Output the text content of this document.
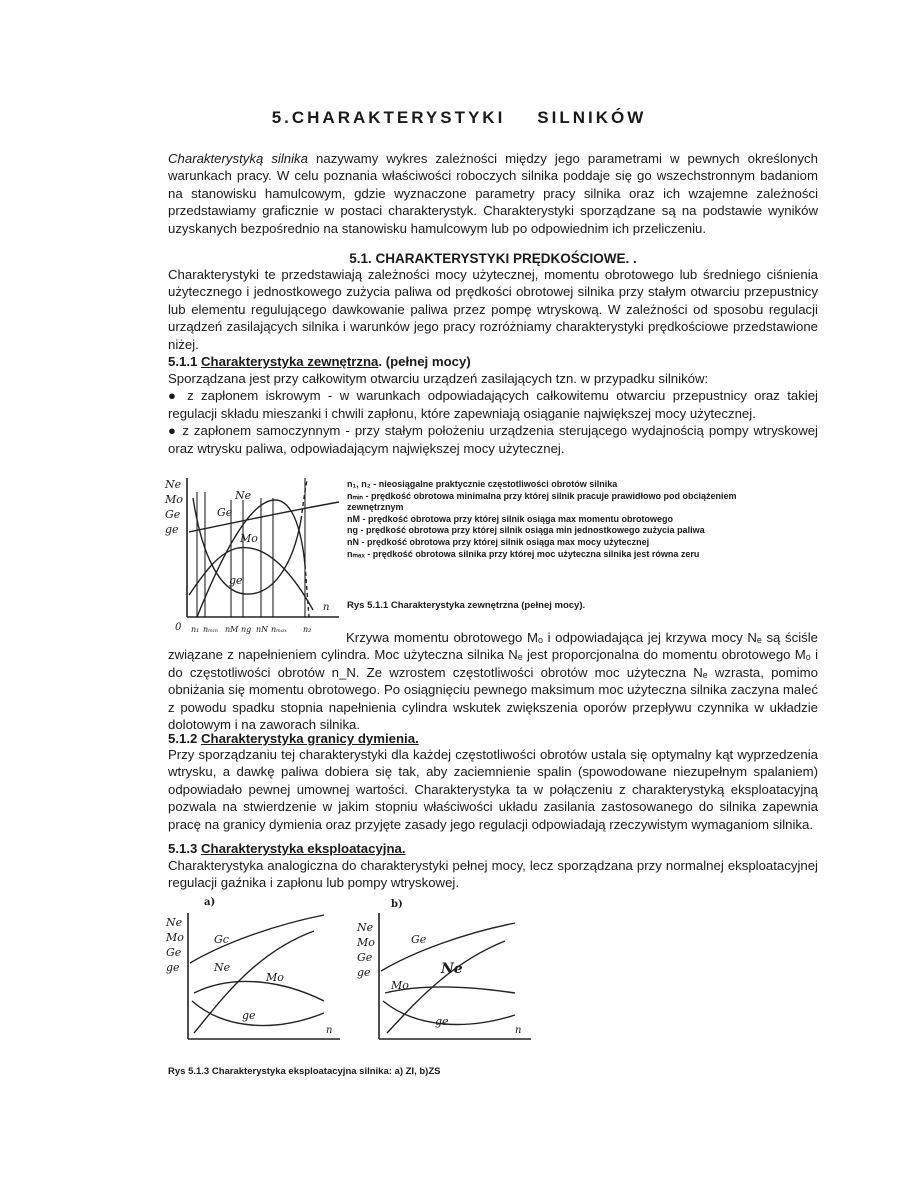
5.CHARAKTERYSTYKI SILNIKÓW
Charakterystyką silnika nazywamy wykres zależności między jego parametrami w pewnych określonych warunkach pracy. W celu poznania właściwości roboczych silnika poddaje się go wszechstronnym badaniom na stanowisku hamulcowym, gdzie wyznaczone parametry pracy silnika oraz ich wzajemne zależności przedstawiamy graficznie w postaci charakterystyk. Charakterystyki sporządzane są na podstawie wyników uzyskanych bezpośrednio na stanowisku hamulcowym lub po odpowiednim ich przeliczeniu.
5.1. CHARAKTERYSTYKI PRĘDKOŚCIOWE. .
Charakterystyki te przedstawiają zależności mocy użytecznej, momentu obrotowego lub średniego ciśnienia użytecznego i jednostkowego zużycia paliwa od prędkości obrotowej silnika przy stałym otwarciu przepustnicy lub elementu regulującego dawkowanie paliwa przez pompę wtryskową. W zależności od sposobu regulacji urządzeń zasilających silnika i warunków jego pracy rozróżniamy charakterystyki prędkościowe przedstawione niżej.
5.1.1 Charakterystyka zewnętrzna. (pełnej mocy)
Sporządzana jest przy całkowitym otwarciu urządzeń zasilających tzn. w przypadku silników:
● z zapłonem iskrowym - w warunkach odpowiadających całkowitemu otwarciu przepustnicy oraz takiej regulacji składu mieszanki i chwili zapłonu, które zapewniają osiąganie największej mocy użytecznej.
● z zapłonem samoczynnym - przy stałym położeniu urządzenia sterującego wydajnością pompy wtryskowej oraz wtrysku paliwa, odpowiadającym największej mocy użytecznej.
Ne
Mo
Ge
ge
Ne
Ge
Mo
ge
n
0 n₁ nₘᵢₙ nM ng nN nₘₐₓ n₂
n₁, n₂ - nieosiągalne praktycznie częstotliwości obrotów silnika
nₘᵢₙ - prędkość obrotowa minimalna przy której silnik pracuje prawidłowo pod obciążeniem zewnętrznym
nM - prędkość obrotowa przy której silnik osiąga max momentu obrotowego
ng - prędkość obrotowa przy której silnik osiąga min jednostkowego zużycia paliwa
nN - prędkość obrotowa przy której silnik osiąga max mocy użytecznej
nₘₐₓ - prędkość obrotowa silnika przy której moc użyteczna silnika jest równa zeru
Rys 5.1.1 Charakterystyka zewnętrzna (pełnej mocy).
Krzywa momentu obrotowego Mₒ i odpowiadająca jej krzywa mocy Nₑ są ściśle związane z napełnieniem cylindra. Moc użyteczna silnika Nₑ jest proporcjonalna do momentu obrotowego Mₒ i do częstotliwości obrotów n_N. Ze wzrostem częstotliwości obrotów moc użyteczna Nₑ wzrasta, pomimo obniżania się momentu obrotowego. Po osiągnięciu pewnego maksimum moc użyteczna silnika zaczyna maleć z powodu spadku stopnia napełnienia cylindra wskutek zwiększenia oporów przepływu czynnika w układzie dolotowym i na zaworach silnika.
5.1.2 Charakterystyka granicy dymienia.
Przy sporządzaniu tej charakterystyki dla każdej częstotliwości obrotów ustala się optymalny kąt wyprzedzenia wtrysku, a dawkę paliwa dobiera się tak, aby zaciemnienie spalin (spowodowane niezupełnym spalaniem) odpowiadało pewnej umownej wartości. Charakterystyka ta w połączeniu z charakterystyką eksploatacyjną pozwala na stwierdzenie w jakim stopniu właściwości układu zasilania zastosowanego do silnika zapewnia pracę na granicy dymienia oraz przyjęte zasady jego regulacji odpowiadają rzeczywistym wymaganiom silnika.
5.1.3 Charakterystyka eksploatacyjna.
Charakterystyka analogiczna do charakterystyki pełnej mocy, lecz sporządzana przy normalnej eksploatacyjnej regulacji gaźnika i zapłonu lub pompy wtryskowej.
a)
Ne
Mo
Ge
ge
Gc
Ne
Mo
ge
n
b)
Ne
Mo
Ge
ge
Ge
Ne
Mo
ge
n
Rys 5.1.3 Charakterystyka eksploatacyjna silnika: a) ZI, b)ZS
